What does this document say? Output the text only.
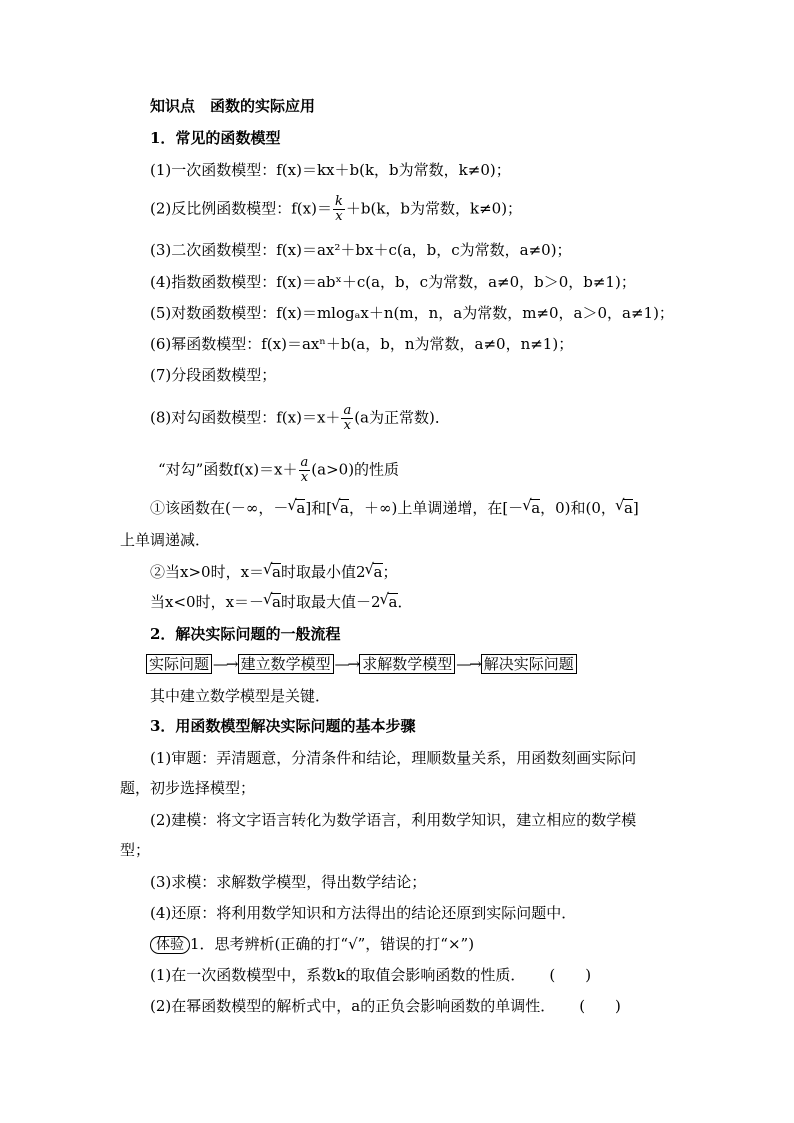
知识点　函数的实际应用
1．常见的函数模型
(1)一次函数模型：f(x)＝kx＋b(k，b为常数，k≠0)；
(2)反比例函数模型：$f(x)= \frac{k}{x} +b(k$，b为常数，k≠0)；
(3)二次函数模型：f(x)＝ax²＋bx＋c(a，b，c为常数，a≠0)；
(4)指数函数模型：f(x)＝abˣ＋c(a，b，c为常数，a≠0，b＞0，b≠1)；
(5)对数函数模型：f(x)＝mlogₐx＋n(m，n，a为常数，m≠0，a＞0，a≠1)；
(6)幂函数模型：f(x)＝axⁿ＋b(a，b，n为常数，a≠0，n≠1)；
(7)分段函数模型；
(8)对勾函数模型：$f(x)=x+ \frac{a}{x} (a$为正常数)．
“对勾”函数$f(x)=x+ \frac{a}{x} (a>0)$的性质
①该函数在(－∞，－ √ a]和[ √ a，＋∞)上单调递增，在[－ √ a，0)和(0， √ a]
上单调递减．
②当x>0时，x＝ √ a时取最小值2 √ a；
当x<0时，x＝－ √ a时取最大值－2 √ a．
2．解决实际问题的一般流程
实际问题 —→ 建立数学模型 —→ 求解数学模型 —→ 解决实际问题
其中建立数学模型是关键．
3．用函数模型解决实际问题的基本步骤
(1)审题：弄清题意，分清条件和结论，理顺数量关系，用函数刻画实际问
题，初步选择模型；
(2)建模：将文字语言转化为数学语言，利用数学知识，建立相应的数学模
型；
(3)求模：求解数学模型，得出数学结论；
(4)还原：将利用数学知识和方法得出的结论还原到实际问题中．
体验 1．思考辨析(正确的打“√”，错误的打“×”)
(1)在一次函数模型中，系数k的取值会影响函数的性质． (　　)
(2)在幂函数模型的解析式中，a的正负会影响函数的单调性． (　　)
